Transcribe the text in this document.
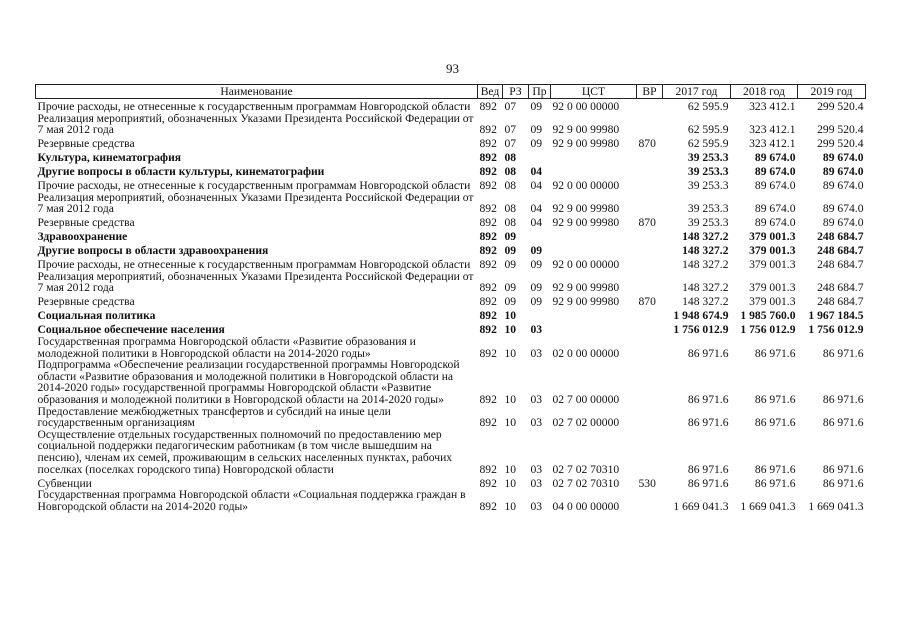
93
Наименование	Вед	РЗ	Пр	ЦСТ	ВР	2017 год	2018 год	2019 год
Прочие расходы, не отнесенные к государственным программам Новгородской области	892	07	09	92 0 00 00000		62 595.9	323 412.1	299 520.4
Реализация мероприятий, обозначенных Указами Президента Российской Федерации от 7 мая 2012 года	892	07	09	92 9 00 99980		62 595.9	323 412.1	299 520.4
Резервные средства	892	07	09	92 9 00 99980	870	62 595.9	323 412.1	299 520.4
Культура, кинематография	892	08				39 253.3	89 674.0	89 674.0
Другие вопросы в области культуры, кинематографии	892	08	04			39 253.3	89 674.0	89 674.0
Прочие расходы, не отнесенные к государственным программам Новгородской области	892	08	04	92 0 00 00000		39 253.3	89 674.0	89 674.0
Реализация мероприятий, обозначенных Указами Президента Российской Федерации от 7 мая 2012 года	892	08	04	92 9 00 99980		39 253.3	89 674.0	89 674.0
Резервные средства	892	08	04	92 9 00 99980	870	39 253.3	89 674.0	89 674.0
Здравоохранение	892	09				148 327.2	379 001.3	248 684.7
Другие вопросы в области здравоохранения	892	09	09			148 327.2	379 001.3	248 684.7
Прочие расходы, не отнесенные к государственным программам Новгородской области	892	09	09	92 0 00 00000		148 327.2	379 001.3	248 684.7
Реализация мероприятий, обозначенных Указами Президента Российской Федерации от 7 мая 2012 года	892	09	09	92 9 00 99980		148 327.2	379 001.3	248 684.7
Резервные средства	892	09	09	92 9 00 99980	870	148 327.2	379 001.3	248 684.7
Социальная политика	892	10				1 948 674.9	1 985 760.0	1 967 184.5
Социальное обеспечение населения	892	10	03			1 756 012.9	1 756 012.9	1 756 012.9
Государственная программа Новгородской области «Развитие образования и молодежной политики в Новгородской области на 2014-2020 годы»	892	10	03	02 0 00 00000		86 971.6	86 971.6	86 971.6
Подпрограмма «Обеспечение реализации государственной программы Новгородской области «Развитие образования и молодежной политики в Новгородской области на 2014-2020 годы» государственной программы Новгородской области «Развитие образования и молодежной политики в Новгородской области на 2014-2020 годы»	892	10	03	02 7 00 00000		86 971.6	86 971.6	86 971.6
Предоставление межбюджетных трансфертов и субсидий на иные цели государственным организациям	892	10	03	02 7 02 00000		86 971.6	86 971.6	86 971.6
Осуществление отдельных государственных полномочий по предоставлению мер социальной поддержки педагогическим работникам (в том числе вышедшим на пенсию), членам их семей, проживающим в сельских населенных пунктах, рабочих поселках (поселках городского типа) Новгородской области	892	10	03	02 7 02 70310		86 971.6	86 971.6	86 971.6
Субвенции	892	10	03	02 7 02 70310	530	86 971.6	86 971.6	86 971.6
Государственная программа Новгородской области «Социальная поддержка граждан в Новгородской области на 2014-2020 годы»	892	10	03	04 0 00 00000		1 669 041.3	1 669 041.3	1 669 041.3
